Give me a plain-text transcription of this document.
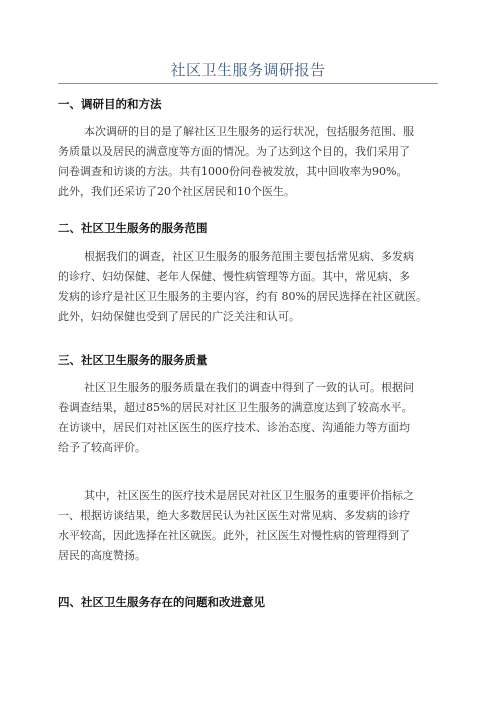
社区卫生服务调研报告
一、调研目的和方法
本次调研的目的是了解社区卫生服务的运行状况，包括服务范围、服
务质量以及居民的满意度等方面的情况。为了达到这个目的，我们采用了
问卷调查和访谈的方法。共有1000份问卷被发放，其中回收率为90%。
此外，我们还采访了20个社区居民和10个医生。
二、社区卫生服务的服务范围
根据我们的调查，社区卫生服务的服务范围主要包括常见病、多发病
的诊疗、妇幼保健、老年人保健、慢性病管理等方面。其中，常见病、多
发病的诊疗是社区卫生服务的主要内容，约有 80%的居民选择在社区就医。
此外，妇幼保健也受到了居民的广泛关注和认可。
三、社区卫生服务的服务质量
社区卫生服务的服务质量在我们的调查中得到了一致的认可。根据问
卷调查结果，超过85%的居民对社区卫生服务的满意度达到了较高水平。
在访谈中，居民们对社区医生的医疗技术、诊治态度、沟通能力等方面均
给予了较高评价。
其中，社区医生的医疗技术是居民对社区卫生服务的重要评价指标之
一、根据访谈结果，绝大多数居民认为社区医生对常见病、多发病的诊疗
水平较高，因此选择在社区就医。此外，社区医生对慢性病的管理得到了
居民的高度赞扬。
四、社区卫生服务存在的问题和改进意见
